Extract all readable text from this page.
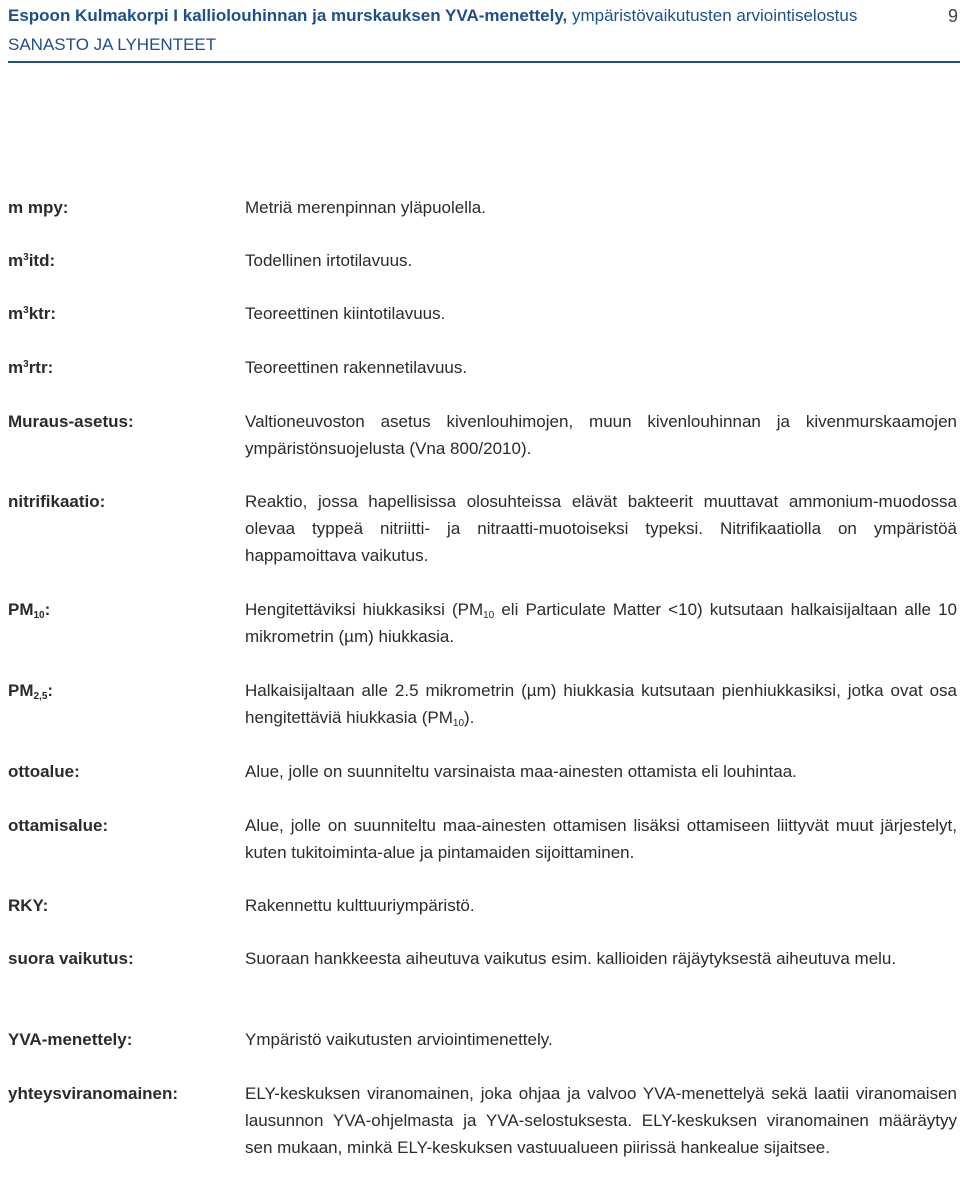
Espoon Kulmakorpi I kalliolouhinnan ja murskauksen YVA-menettely, ympäristövaikutusten arviointiselostus
SANASTO JA LYHENTEET
9
m mpy:	Metriä merenpinnan yläpuolella.
$m^3itd$:	Todellinen irtotilavuus.
$m^3ktr$:	Teoreettinen kiintotilavuus.
$m^3rtr$:	Teoreettinen rakennetilavuus.
Muraus-asetus:	Valtioneuvoston asetus kivenlouhimojen, muun kivenlouhinnan ja kivenmurskaamojen ympäristönsuojelusta (Vna 800/2010).
nitrifikaatio:	Reaktio, jossa hapellisissa olosuhteissa elävät bakteerit muuttavat ammonium-muodossa olevaa typpeä nitriitti- ja nitraatti-muotoiseksi typeksi. Nitrifikaatiolla on ympäristöä happamoittava vaikutus.
$PM_{10}$:	Hengitettäviksi hiukkasiksi ($PM_{10}$ eli Particulate Matter <10) kutsutaan halkaisijaltaan alle 10 mikrometrin (µm) hiukkasia.
$PM_{2,5}$:	Halkaisijaltaan alle 2.5 mikrometrin (µm) hiukkasia kutsutaan pienhiukkasiksi, jotka ovat osa hengitettäviä hiukkasia $(PM_{10})$.
ottoalue:	Alue, jolle on suunniteltu varsinaista maa-ainesten ottamista eli louhintaa.
ottamisalue:	Alue, jolle on suunniteltu maa-ainesten ottamisen lisäksi ottamiseen liittyvät muut järjestelyt, kuten tukitoiminta-alue ja pintamaiden sijoittaminen.
RKY:	Rakennettu kulttuuriympäristö.
suora vaikutus:	Suoraan hankkeesta aiheutuva vaikutus esim. kallioiden räjäytyksestä aiheutuva melu.
YVA-menettely:	Ympäristö vaikutusten arviointimenettely.
yhteysviranomainen:	ELY-keskuksen viranomainen, joka ohjaa ja valvoo YVA-menettelyä sekä laatii viranomaisen lausunnon YVA-ohjelmasta ja YVA-selostuksesta. ELY-keskuksen viranomainen määräytyy sen mukaan, minkä ELY-keskuksen vastuualueen piirissä hankealue sijaitsee.
